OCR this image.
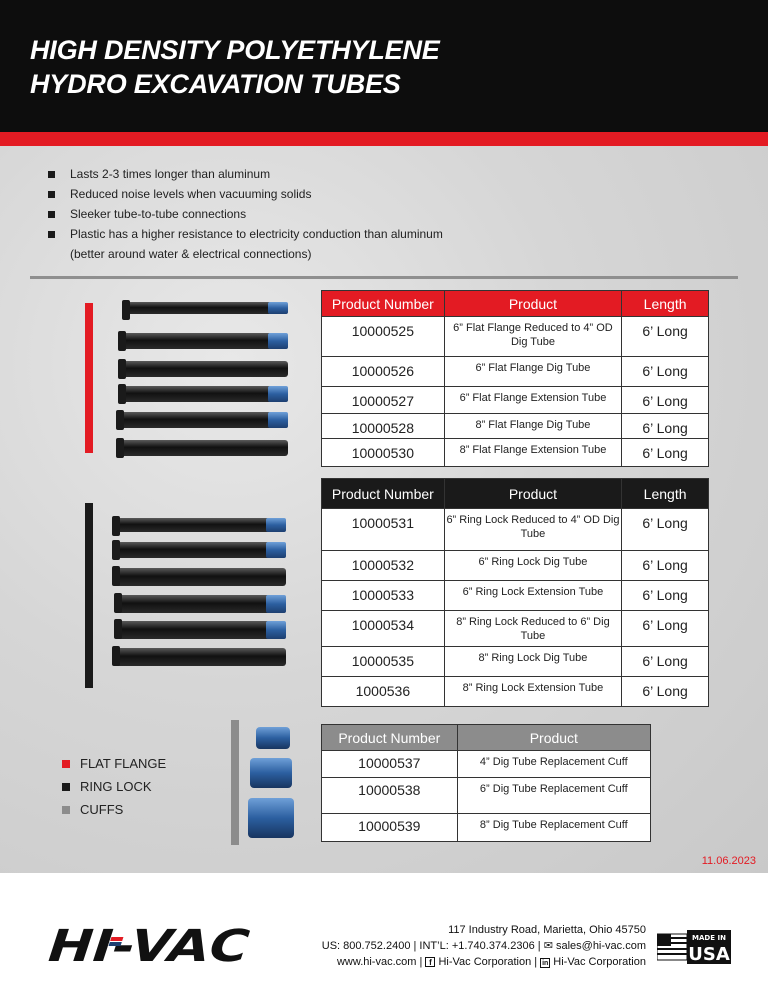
HIGH DENSITY POLYETHYLENE
HYDRO EXCAVATION TUBES
Lasts 2-3 times longer than aluminum
Reduced noise levels when vacuuming solids
Sleeker tube-to-tube connections
Plastic has a higher resistance to electricity conduction than aluminum (better around water & electrical connections)
Product Number	Product	Length
10000525	6” Flat Flange Reduced to 4” OD Dig Tube	6’ Long
10000526	6” Flat Flange Dig Tube	6’ Long
10000527	6” Flat Flange Extension Tube	6’ Long
10000528	8” Flat Flange Dig Tube	6’ Long
10000530	8” Flat Flange Extension Tube	6’ Long
Product Number	Product	Length
10000531	6” Ring Lock Reduced to 4” OD Dig Tube	6’ Long
10000532	6” Ring Lock Dig Tube	6’ Long
10000533	6” Ring Lock Extension Tube	6’ Long
10000534	8” Ring Lock Reduced to 6” Dig Tube	6’ Long
10000535	8” Ring Lock Dig Tube	6’ Long
1000536	8” Ring Lock Extension Tube	6’ Long
FLAT FLANGE
RING LOCK
CUFFS
Product Number	Product
10000537	4” Dig Tube Replacement Cuff
10000538	6” Dig Tube Replacement Cuff
10000539	8” Dig Tube Replacement Cuff
11.06.2023
HI-VAC	117 Industry Road, Marietta, Ohio 45750
US: 800.752.2400 | INT’L: +1.740.374.2306 | ✉ sales@hi-vac.com
www.hi-vac.com | f Hi-Vac Corporation | in Hi-Vac Corporation
MADE IN
USA
